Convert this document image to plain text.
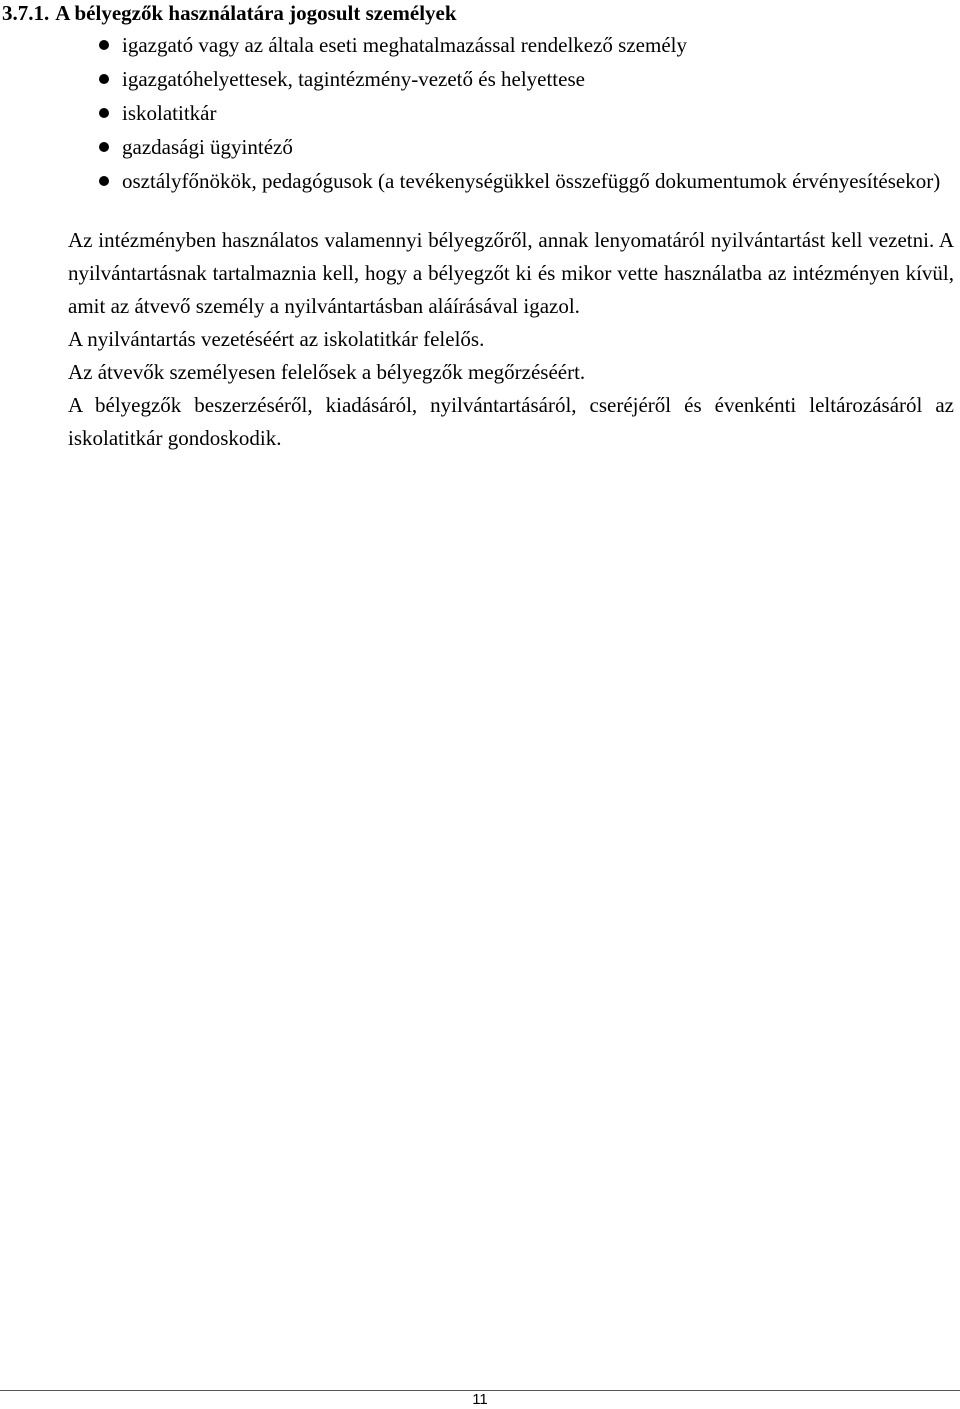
3.7.1. A bélyegzők használatára jogosult személyek
igazgató vagy az általa eseti meghatalmazással rendelkező személy
igazgatóhelyettesek, tagintézmény-vezető és helyettese
iskolatitkár
gazdasági ügyintéző
osztályfőnökök, pedagógusok (a tevékenységükkel összefüggő dokumentumok érvényesítésekor)

Az intézményben használatos valamennyi bélyegzőről, annak lenyomatáról nyilvántartást kell vezetni. A nyilvántartásnak tartalmaznia kell, hogy a bélyegzőt ki és mikor vette használatba az intézményen kívül, amit az átvevő személy a nyilvántartásban aláírásával igazol.

A nyilvántartás vezetéséért az iskolatitkár felelős.

Az átvevők személyesen felelősek a bélyegzők megőrzéséért.

A bélyegzők beszerzéséről, kiadásáról, nyilvántartásáról, cseréjéről és évenkénti leltározásáról az iskolatitkár gondoskodik.

11
